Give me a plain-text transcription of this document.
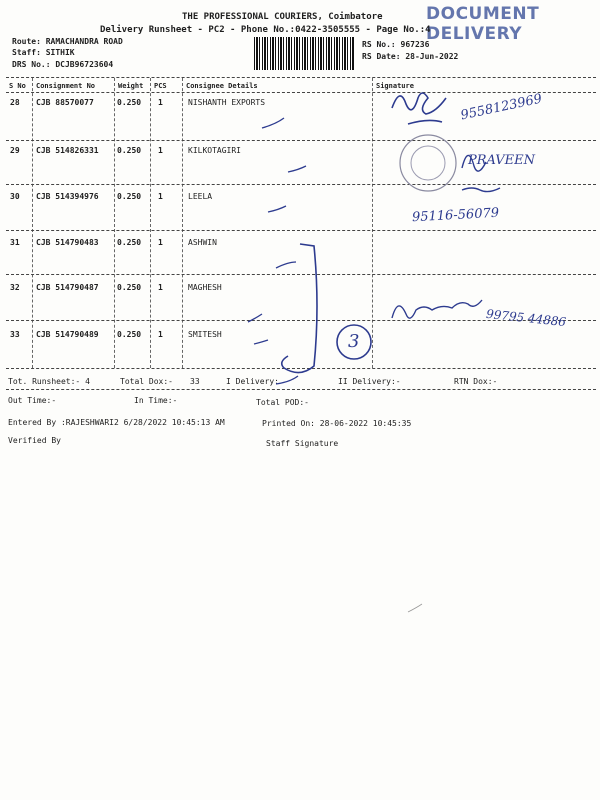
THE PROFESSIONAL COURIERS, Coimbatore	DOCUMENT DELIVERY
Delivery Runsheet - PC2 - Phone No.:0422-3505555 - Page No.:4
Route: RAMACHANDRA ROAD
Staff: SITHIK
DRS No.: DCJB96723604
RS No.: 967236
RS Date: 28-Jun-2022
S No Consignment No	Weight PCS	Consignee Details	Signature
28 CJB 88570077	0.250 1	NISHANTH EXPORTS
29 CJB 514826331 0.250 1	KILKOTAGIRI
30 CJB 514394976 0.250 1	LEELA
31 CJB 514790483 0.250 1	ASHWIN
32 CJB 514790487 0.250 1	MAGHESH
33 CJB 514790489 0.250 1	SMITESH
Tot. Runsheet:- 4	Total Dox:- 33	I Delivery:	II Delivery:-	RTN Dox:-
Out Time:-	In Time:-	Total POD:-
Entered By :RAJESHWARI2 6/28/2022 10:45:13 AM	Printed On: 28-06-2022 10:45:35
Verified By	Staff Signature
9558123969
PRAVEEN
95116-56079
99795 44886
3
